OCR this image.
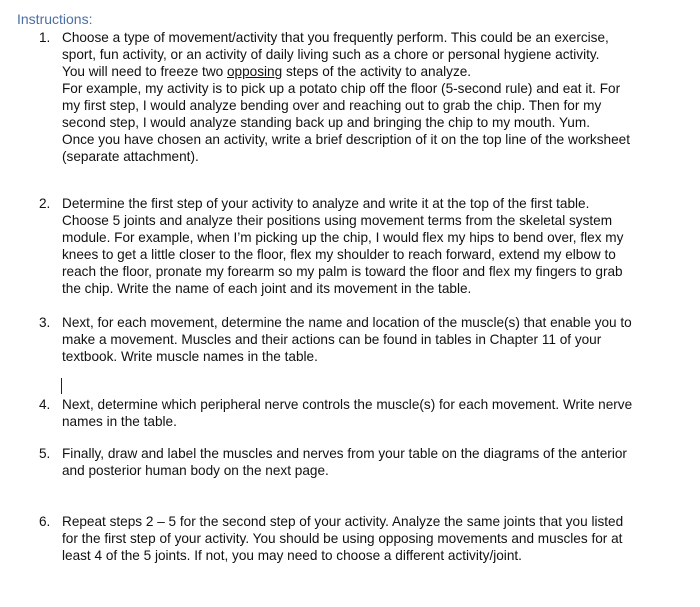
Instructions:
1. Choose a type of movement/activity that you frequently perform. This could be an exercise,
sport, fun activity, or an activity of daily living such as a chore or personal hygiene activity.
You will need to freeze two opposing steps of the activity to analyze.
For example, my activity is to pick up a potato chip off the floor (5-second rule) and eat it. For
my first step, I would analyze bending over and reaching out to grab the chip. Then for my
second step, I would analyze standing back up and bringing the chip to my mouth. Yum.
Once you have chosen an activity, write a brief description of it on the top line of the worksheet
(separate attachment).
2. Determine the first step of your activity to analyze and write it at the top of the first table.
Choose 5 joints and analyze their positions using movement terms from the skeletal system
module. For example, when I’m picking up the chip, I would flex my hips to bend over, flex my
knees to get a little closer to the floor, flex my shoulder to reach forward, extend my elbow to
reach the floor, pronate my forearm so my palm is toward the floor and flex my fingers to grab
the chip. Write the name of each joint and its movement in the table.
3. Next, for each movement, determine the name and location of the muscle(s) that enable you to
make a movement. Muscles and their actions can be found in tables in Chapter 11 of your
textbook. Write muscle names in the table.
4. Next, determine which peripheral nerve controls the muscle(s) for each movement. Write nerve
names in the table.
5. Finally, draw and label the muscles and nerves from your table on the diagrams of the anterior
and posterior human body on the next page.
6. Repeat steps 2 – 5 for the second step of your activity. Analyze the same joints that you listed
for the first step of your activity. You should be using opposing movements and muscles for at
least 4 of the 5 joints. If not, you may need to choose a different activity/joint.
